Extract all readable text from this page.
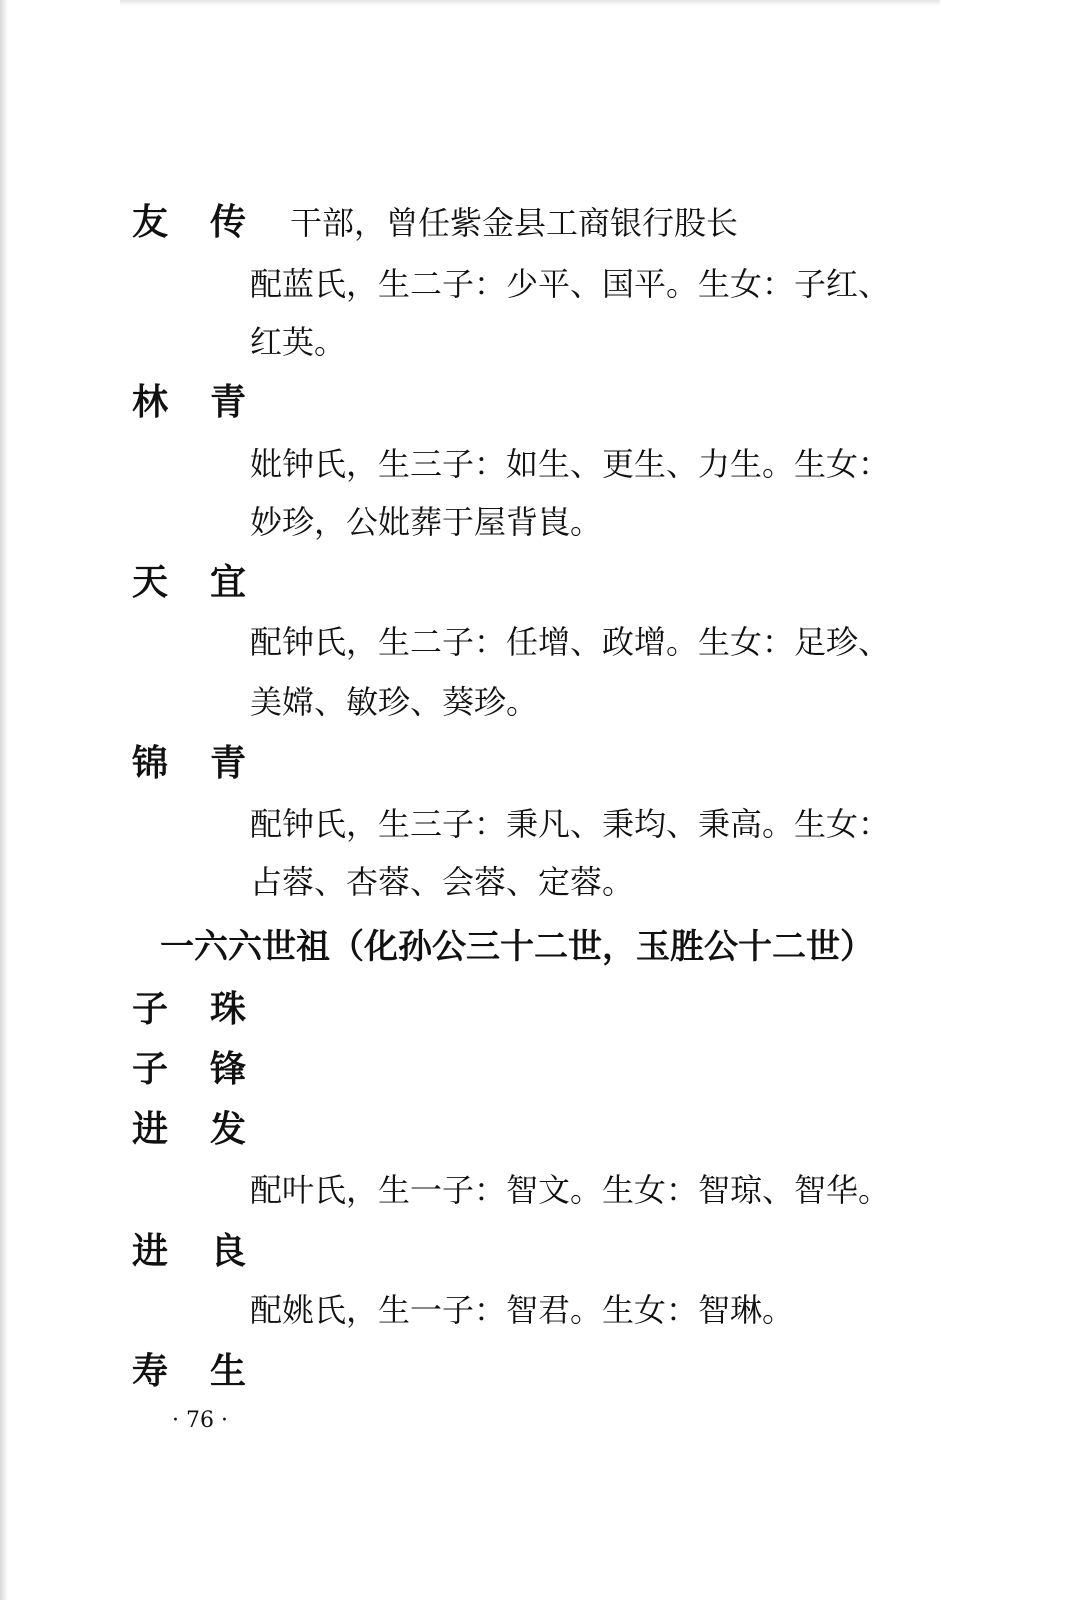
友传 干部，曾任紫金县工商银行股长
配蓝氏，生二子：少平、国平。生女：子红、
红英。
林青
妣钟氏，生三子：如生、更生、力生。生女：
妙珍，公妣葬于屋背崀。
天宜
配钟氏，生二子：任增、政增。生女：足珍、
美嫦、敏珍、葵珍。
锦青
配钟氏，生三子：秉凡、秉均、秉高。生女：
占蓉、杏蓉、会蓉、定蓉。
一六六世祖（化孙公三十二世，玉胜公十二世）
子珠
子锋
进发
配叶氏，生一子：智文。生女：智琼、智华。
进良
配姚氏，生一子：智君。生女：智琳。
寿生
· 76 ·
